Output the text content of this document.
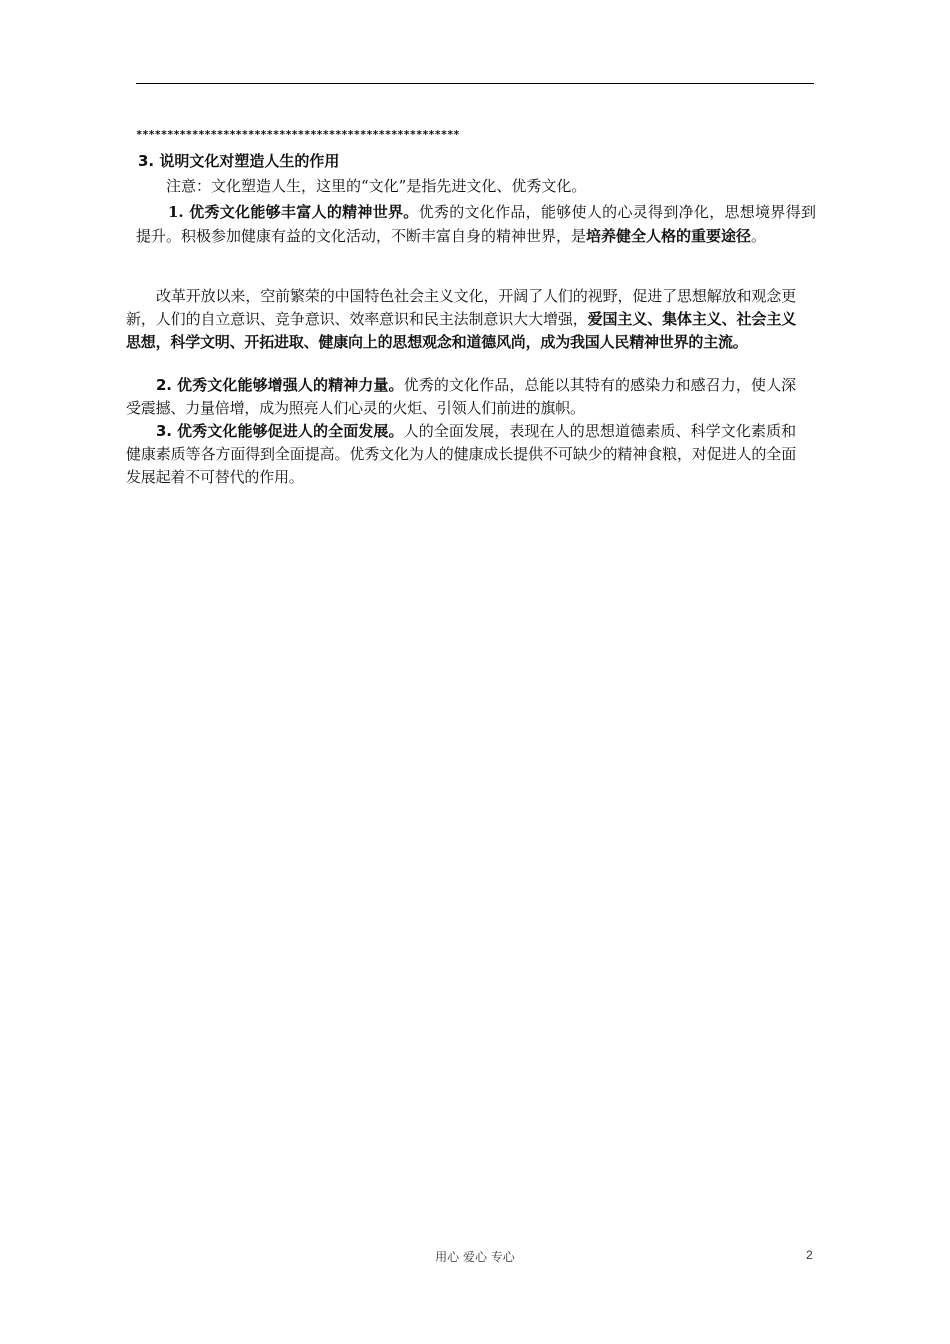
****************************************************
3. 说明文化对塑造人生的作用
注意：文化塑造人生，这里的“文化”是指先进文化、优秀文化。
1. 优秀文化能够丰富人的精神世界。优秀的文化作品，能够使人的心灵得到净化，思想境界得到提升。积极参加健康有益的文化活动，不断丰富自身的精神世界，是培养健全人格的重要途径。
改革开放以来，空前繁荣的中国特色社会主义文化，开阔了人们的视野，促进了思想解放和观念更新，人们的自立意识、竞争意识、效率意识和民主法制意识大大增强，爱国主义、集体主义、社会主义思想，科学文明、开拓进取、健康向上的思想观念和道德风尚，成为我国人民精神世界的主流。
2. 优秀文化能够增强人的精神力量。优秀的文化作品，总能以其特有的感染力和感召力，使人深受震撼、力量倍增，成为照亮人们心灵的火炬、引领人们前进的旗帜。
3. 优秀文化能够促进人的全面发展。人的全面发展，表现在人的思想道德素质、科学文化素质和健康素质等各方面得到全面提高。优秀文化为人的健康成长提供不可缺少的精神食粮，对促进人的全面发展起着不可替代的作用。
用心 爱心 专心	2
